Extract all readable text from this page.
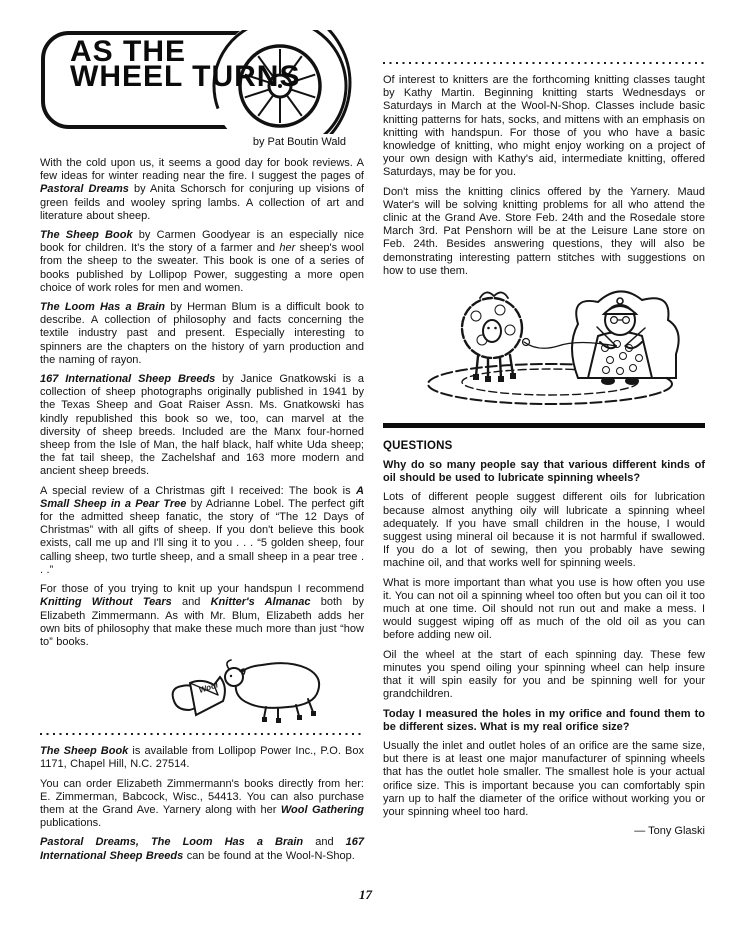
AS THE
WHEEL TURNS
by Pat Boutin Wald

With the cold upon us, it seems a good day for book reviews. A few ideas for winter reading near the fire. I suggest the pages of Pastoral Dreams by Anita Schorsch for conjuring up visions of green feilds and wooley spring lambs. A collection of art and literature about sheep.

The Sheep Book by Carmen Goodyear is an especially nice book for children. It's the story of a farmer and her sheep's wool from the sheep to the sweater. This book is one of a series of books published by Lollipop Power, suggesting a more open choice of work roles for men and women.

The Loom Has a Brain by Herman Blum is a difficult book to describe. A collection of philosophy and facts concerning the textile industry past and present. Especially interesting to spinners are the chapters on the history of yarn production and the naming of rayon.

167 International Sheep Breeds by Janice Gnatkowski is a collection of sheep photographs originally published in 1941 by the Texas Sheep and Goat Raiser Assn. Ms. Gnatkowski has kindly republished this book so we, too, can marvel at the diversity of sheep breeds. Included are the Manx four-horned sheep from the Isle of Man, the half black, half white Uda sheep; the fat tail sheep, the Zachelshaf and 163 more modern and ancient sheep breeds.

A special review of a Christmas gift I received: The book is A Small Sheep in a Pear Tree by Adrianne Lobel. The perfect gift for the admitted sheep fanatic, the story of “The 12 Days of Christmas” with all gifts of sheep. If you don't believe this book exists, call me up and I'll sing it to you . . . “5 golden sheep, four calling sheep, two turtle sheep, and a small sheep in a pear tree . . .”

For those of you trying to knit up your handspun I recommend Knitting Without Tears and Knitter's Almanac both by Elizabeth Zimmermann. As with Mr. Blum, Elizabeth adds her own bits of philosophy that make these much more than just “how to” books.

Wool

The Sheep Book is available from Lollipop Power Inc., P.O. Box 1171, Chapel Hill, N.C. 27514.

You can order Elizabeth Zimmermann's books directly from her: E. Zimmerman, Babcock, Wisc., 54413. You can also purchase them at the Grand Ave. Yarnery along with her Wool Gathering publications.

Pastoral Dreams, The Loom Has a Brain and 167 International Sheep Breeds can be found at the Wool-N-Shop.

Of interest to knitters are the forthcoming knitting classes taught by Kathy Martin. Beginning knitting starts Wednesdays or Saturdays in March at the Wool-N-Shop. Classes include basic knitting patterns for hats, socks, and mittens with an emphasis on knitting with handspun. For those of you who have a basic knowledge of knitting, who might enjoy working on a project of your own design with Kathy's aid, intermediate knitting, offered Saturdays, may be for you.

Don't miss the knitting clinics offered by the Yarnery. Maud Water's will be solving knitting problems for all who attend the clinic at the Grand Ave. Store Feb. 24th and the Rosedale store March 3rd. Pat Penshorn will be at the Leisure Lane store on Feb. 24th. Besides answering questions, they will also be demonstrating interesting pattern stitches with suggestions on how to use them.

QUESTIONS

Why do so many people say that various different kinds of oil should be used to lubricate spinning wheels?

Lots of different people suggest different oils for lubrication because almost anything oily will lubricate a spinning wheel adequately. If you have small children in the house, I would suggest using mineral oil because it is not harmful if swallowed. If you do a lot of sewing, then you probably have sewing machine oil, and that works well for spinning weels.

What is more important than what you use is how often you use it. You can not oil a spinning wheel too often but you can oil it too much at one time. Oil should not run out and make a mess. I would suggest wiping off as much of the old oil as you can before adding new oil.

Oil the wheel at the start of each spinning day. These few minutes you spend oiling your spinning wheel can help insure that it will spin easily for you and be spinning well for your grandchildren.

Today I measured the holes in my orifice and found them to be different sizes. What is my real orifice size?

Usually the inlet and outlet holes of an orifice are the same size, but there is at least one major manufacturer of spinning wheels that has the outlet hole smaller. The smallest hole is your actual orifice size. This is important because you can comfortably spin yarn up to half the diameter of the orifice without working you or your spinning wheel too hard.

— Tony Glaski

17
